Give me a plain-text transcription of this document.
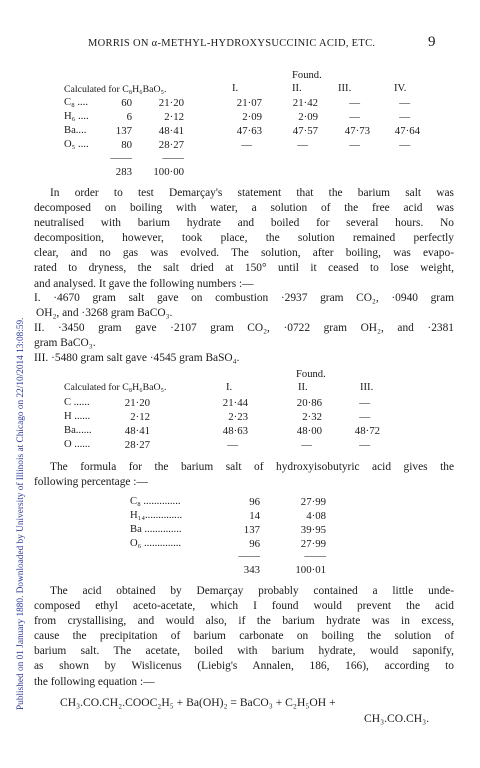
Published on 01 January 1880. Downloaded by University of Illinois at Chicago on 22/10/2014 13:08:59.
MORRIS ON α-METHYL-HYDROXYSUCCINIC ACID, ETC.	9
Found.
Calculated for C₈H₆BaO₅.	I.	II.	III.	IV.
C₈ ....	60	21·20	21·07	21·42	—	—
H₆ ....	6	2·12	2·09	2·09	—	—
Ba....	137	48·41	47·63	47·57	47·73	47·64
O₅ ....	80	28·27	—	—	—	—
——	——
283	100·00
In order to test Demarçay's statement that the barium salt was
decomposed on boiling with water, a solution of the free acid was
neutralised with barium hydrate and boiled for several hours. No
decomposition, however, took place, the solution remained perfectly
clear, and no gas was evolved. The solution, after boiling, was evapo-
rated to dryness, the salt dried at 150° until it ceased to lose weight,
and analysed. It gave the following numbers :—
I. ·4670 gram salt gave on combustion ·2937 gram CO₂, ·0940 gram
OH₂, and ·3268 gram BaCO₃.
II. ·3450 gram gave ·2107 gram CO₂, ·0722 gram OH₂, and ·2381
gram BaCO₃.
III. ·5480 gram salt gave ·4545 gram BaSO₄.
Found.
Calculated for C₈H₆BaO₅.	I.	II.	III.
C ......	21·20	21·44	20·86	—
H ......	2·12	2·23	2·32	—
Ba......	48·41	48·63	48·00	48·72
O ......	28·27	—	—	—
The formula for the barium salt of hydroxyisobutyric acid gives the
following percentage :—
C₈ ..............	96	27·99
H₁₄..............	14	4·08
Ba ..............	137	39·95
O₆ ..............	96	27·99
——	——
343	100·01
The acid obtained by Demarçay probably contained a little unde-
composed ethyl aceto-acetate, which I found would prevent the acid
from crystallising, and would also, if the barium hydrate was in excess,
cause the precipitation of barium carbonate on boiling the solution of
barium salt. The acetate, boiled with barium hydrate, would saponify,
as shown by Wislicenus (Liebig's Annalen, 186, 166), according to
the following equation :—
CH₃.CO.CH₂.COOC₂H₅ + Ba(OH)₂ = BaCO₃ + C₂H₅OH +
CH₃.CO.CH₃.
